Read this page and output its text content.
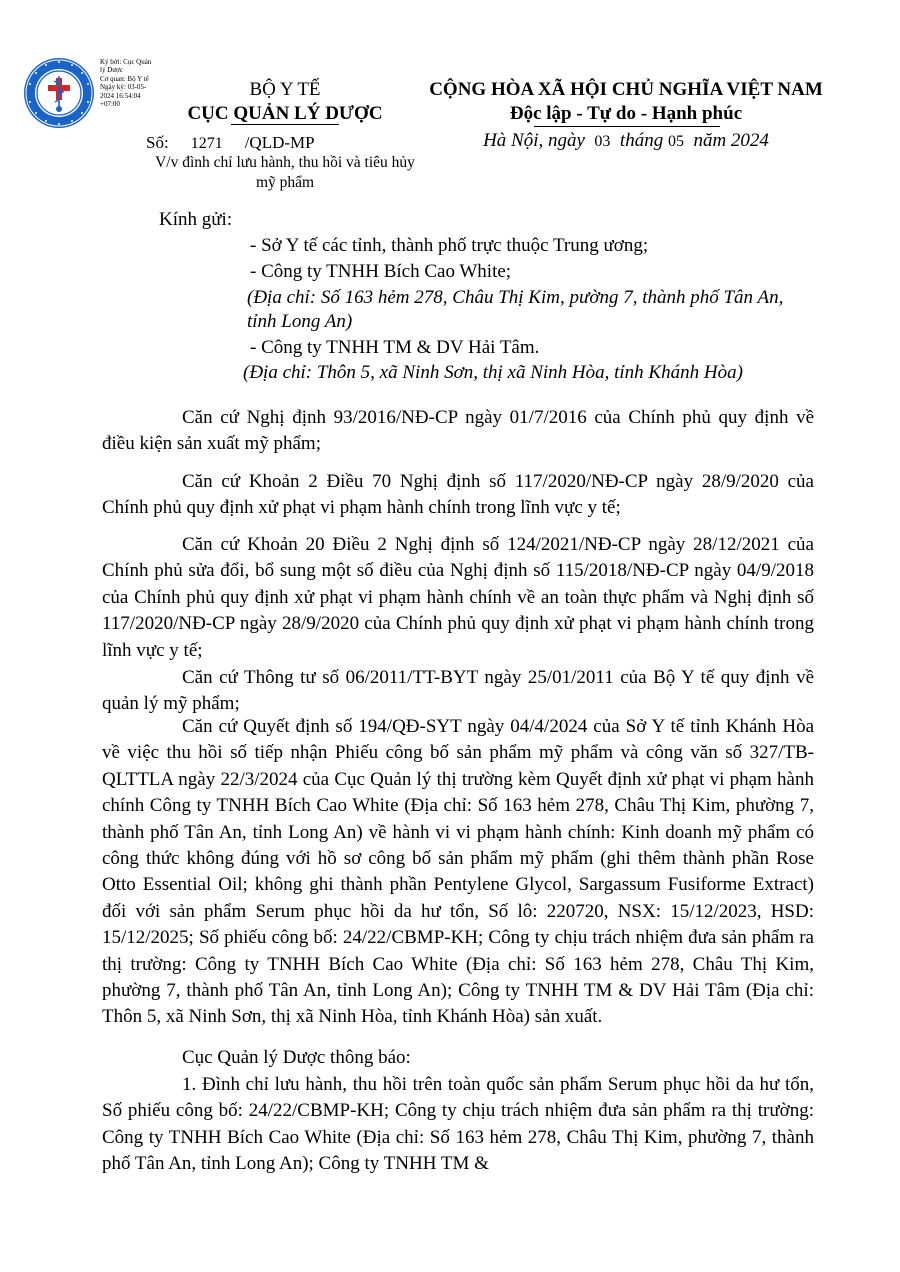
Ký bởi: Cục Quản
lý Dược
Cơ quan: Bộ Y tế
Ngày ký: 03-05-
2024 16:54:04
+07:00
BỘ Y TẾ
CỤC QUẢN LÝ DƯỢC
Số: 1271 /QLD-MP
V/v đình chỉ lưu hành, thu hồi và tiêu hủy mỹ phẩm
CỘNG HÒA XÃ HỘI CHỦ NGHĨA VIỆT NAM
Độc lập - Tự do - Hạnh phúc
Hà Nội, ngày 03 tháng 05 năm 2024
Kính gửi:
- Sở Y tế các tỉnh, thành phố trực thuộc Trung ương;
- Công ty TNHH Bích Cao White;
(Địa chỉ: Số 163 hẻm 278, Châu Thị Kim, pường 7, thành phố Tân An,
tỉnh Long An)
- Công ty TNHH TM & DV Hải Tâm.
(Địa chỉ: Thôn 5, xã Ninh Sơn, thị xã Ninh Hòa, tỉnh Khánh Hòa)

Căn cứ Nghị định 93/2016/NĐ-CP ngày 01/7/2016 của Chính phủ quy định về điều kiện sản xuất mỹ phẩm;

Căn cứ Khoản 2 Điều 70 Nghị định số 117/2020/NĐ-CP ngày 28/9/2020 của Chính phủ quy định xử phạt vi phạm hành chính trong lĩnh vực y tế;

Căn cứ Khoản 20 Điều 2 Nghị định số 124/2021/NĐ-CP ngày 28/12/2021 của Chính phủ sửa đổi, bổ sung một số điều của Nghị định số 115/2018/NĐ-CP ngày 04/9/2018 của Chính phủ quy định xử phạt vi phạm hành chính về an toàn thực phẩm và Nghị định số 117/2020/NĐ-CP ngày 28/9/2020 của Chính phủ quy định xử phạt vi phạm hành chính trong lĩnh vực y tế;

Căn cứ Thông tư số 06/2011/TT-BYT ngày 25/01/2011 của Bộ Y tế quy định về quản lý mỹ phẩm;

Căn cứ Quyết định số 194/QĐ-SYT ngày 04/4/2024 của Sở Y tế tỉnh Khánh Hòa về việc thu hồi số tiếp nhận Phiếu công bố sản phẩm mỹ phẩm và công văn số 327/TB-QLTTLA ngày 22/3/2024 của Cục Quản lý thị trường kèm Quyết định xử phạt vi phạm hành chính Công ty TNHH Bích Cao White (Địa chỉ: Số 163 hẻm 278, Châu Thị Kim, phường 7, thành phố Tân An, tỉnh Long An) về hành vi vi phạm hành chính: Kinh doanh mỹ phẩm có công thức không đúng với hồ sơ công bố sản phẩm mỹ phẩm (ghi thêm thành phần Rose Otto Essential Oil; không ghi thành phần Pentylene Glycol, Sargassum Fusiforme Extract) đối với sản phẩm Serum phục hồi da hư tổn, Số lô: 220720, NSX: 15/12/2023, HSD: 15/12/2025; Số phiếu công bố: 24/22/CBMP-KH; Công ty chịu trách nhiệm đưa sản phẩm ra thị trường: Công ty TNHH Bích Cao White (Địa chỉ: Số 163 hẻm 278, Châu Thị Kim, phường 7, thành phố Tân An, tỉnh Long An); Công ty TNHH TM & DV Hải Tâm (Địa chỉ: Thôn 5, xã Ninh Sơn, thị xã Ninh Hòa, tỉnh Khánh Hòa) sản xuất.

Cục Quản lý Dược thông báo:

1. Đình chỉ lưu hành, thu hồi trên toàn quốc sản phẩm Serum phục hồi da hư tổn, Số phiếu công bố: 24/22/CBMP-KH; Công ty chịu trách nhiệm đưa sản phẩm ra thị trường: Công ty TNHH Bích Cao White (Địa chỉ: Số 163 hẻm 278, Châu Thị Kim, phường 7, thành phố Tân An, tỉnh Long An); Công ty TNHH TM &
